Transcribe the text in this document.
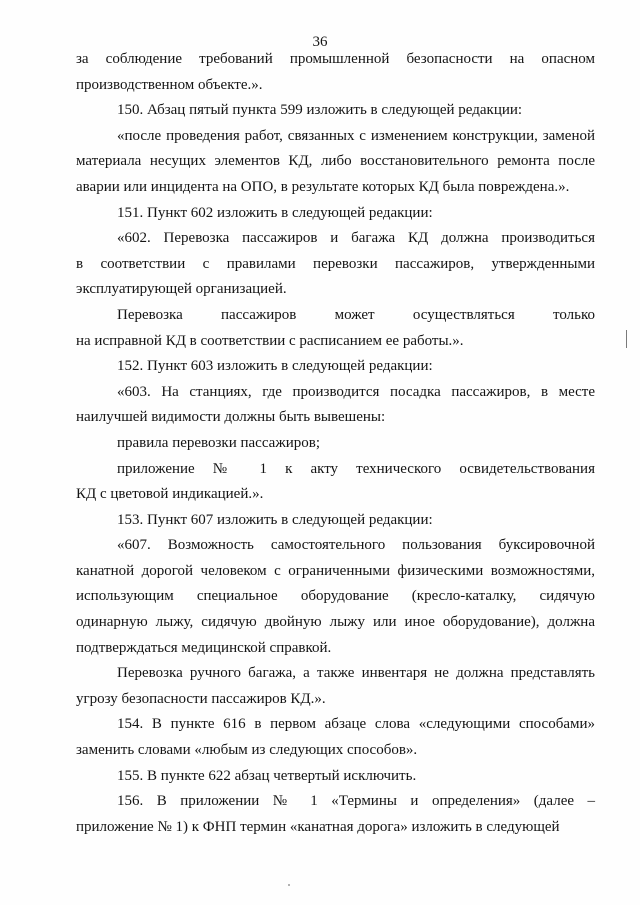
36

за соблюдение требований промышленной безопасности на опасном

производственном объекте.».

150. Абзац пятый пункта 599 изложить в следующей редакции:

«после проведения работ, связанных с изменением конструкции, заменой

материала несущих элементов КД, либо восстановительного ремонта после

аварии или инцидента на ОПО, в результате которых КД была повреждена.».

151. Пункт 602 изложить в следующей редакции:

«602. Перевозка пассажиров и багажа КД должна производиться

в соответствии с правилами перевозки пассажиров, утвержденными

эксплуатирующей организацией.

Перевозка пассажиров может осуществляться только

на исправной КД в соответствии с расписанием ее работы.».

152. Пункт 603 изложить в следующей редакции:

«603. На станциях, где производится посадка пассажиров, в месте

наилучшей видимости должны быть вывешены:

правила перевозки пассажиров;

приложение № 1 к акту технического освидетельствования

КД с цветовой индикацией.».

153. Пункт 607 изложить в следующей редакции:

«607. Возможность самостоятельного пользования буксировочной

канатной дорогой человеком с ограниченными физическими возможностями,

использующим специальное оборудование (кресло-каталку, сидячую

одинарную лыжу, сидячую двойную лыжу или иное оборудование), должна

подтверждаться медицинской справкой.

Перевозка ручного багажа, а также инвентаря не должна представлять

угрозу безопасности пассажиров КД.».

154. В пункте 616 в первом абзаце слова «следующими способами»

заменить словами «любым из следующих способов».

155. В пункте 622 абзац четвертый исключить.

156. В приложении № 1 «Термины и определения» (далее –

приложение № 1) к ФНП термин «канатная дорога» изложить в следующей
